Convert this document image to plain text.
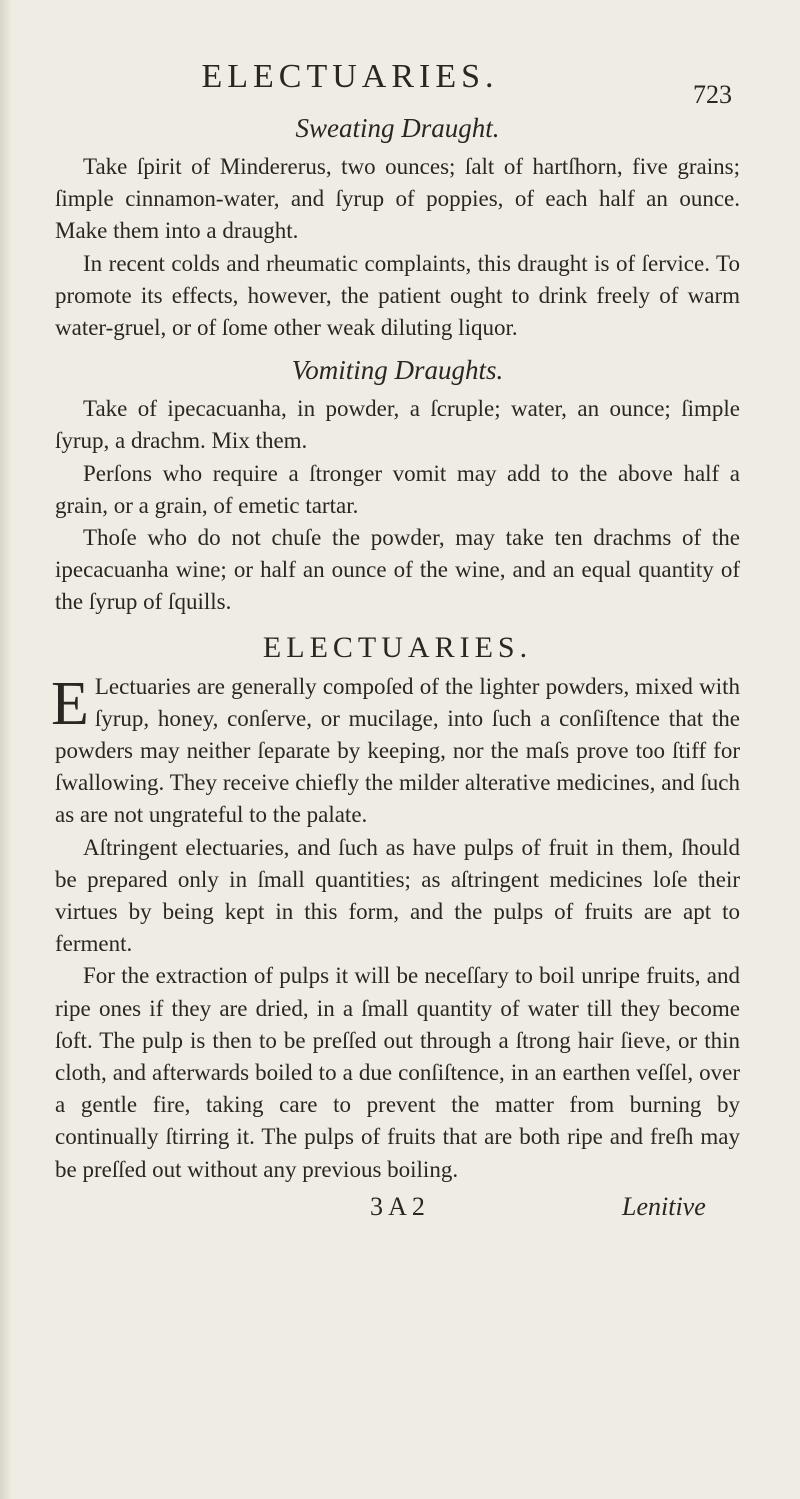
ELECTUARIES.	723
Sweating Draught.

Take ſpirit of Mindererus, two ounces; ſalt of hartſhorn, five grains; ſimple cinnamon-water, and ſyrup of poppies, of each half an ounce. Make them into a draught.

In recent colds and rheumatic complaints, this draught is of ſervice. To promote its effects, however, the patient ought to drink freely of warm water-gruel, or of ſome other weak diluting liquor.

Vomiting Draughts.

Take of ipecacuanha, in powder, a ſcruple; water, an ounce; ſimple ſyrup, a drachm. Mix them.

Perſons who require a ſtronger vomit may add to the above half a grain, or a grain, of emetic tartar.

Thoſe who do not chuſe the powder, may take ten drachms of the ipecacuanha wine; or half an ounce of the wine, and an equal quantity of the ſyrup of ſquills.

ELECTUARIES.

E Lectuaries are generally compoſed of the lighter powders, mixed with ſyrup, honey, conſerve, or mucilage, into ſuch a conſiſtence that the powders may neither ſeparate by keeping, nor the maſs prove too ſtiff for ſwallowing. They receive chiefly the milder alterative medicines, and ſuch as are not ungrateful to the palate.

Aſtringent electuaries, and ſuch as have pulps of fruit in them, ſhould be prepared only in ſmall quantities; as aſtringent medicines loſe their virtues by being kept in this form, and the pulps of fruits are apt to ferment.

For the extraction of pulps it will be neceſſary to boil unripe fruits, and ripe ones if they are dried, in a ſmall quantity of water till they become ſoft. The pulp is then to be preſſed out through a ſtrong hair ſieve, or thin cloth, and afterwards boiled to a due conſiſtence, in an earthen veſſel, over a gentle fire, taking care to prevent the matter from burning by continually ſtirring it. The pulps of fruits that are both ripe and freſh may be preſſed out without any previous boiling.

3 A 2	Lenitive
